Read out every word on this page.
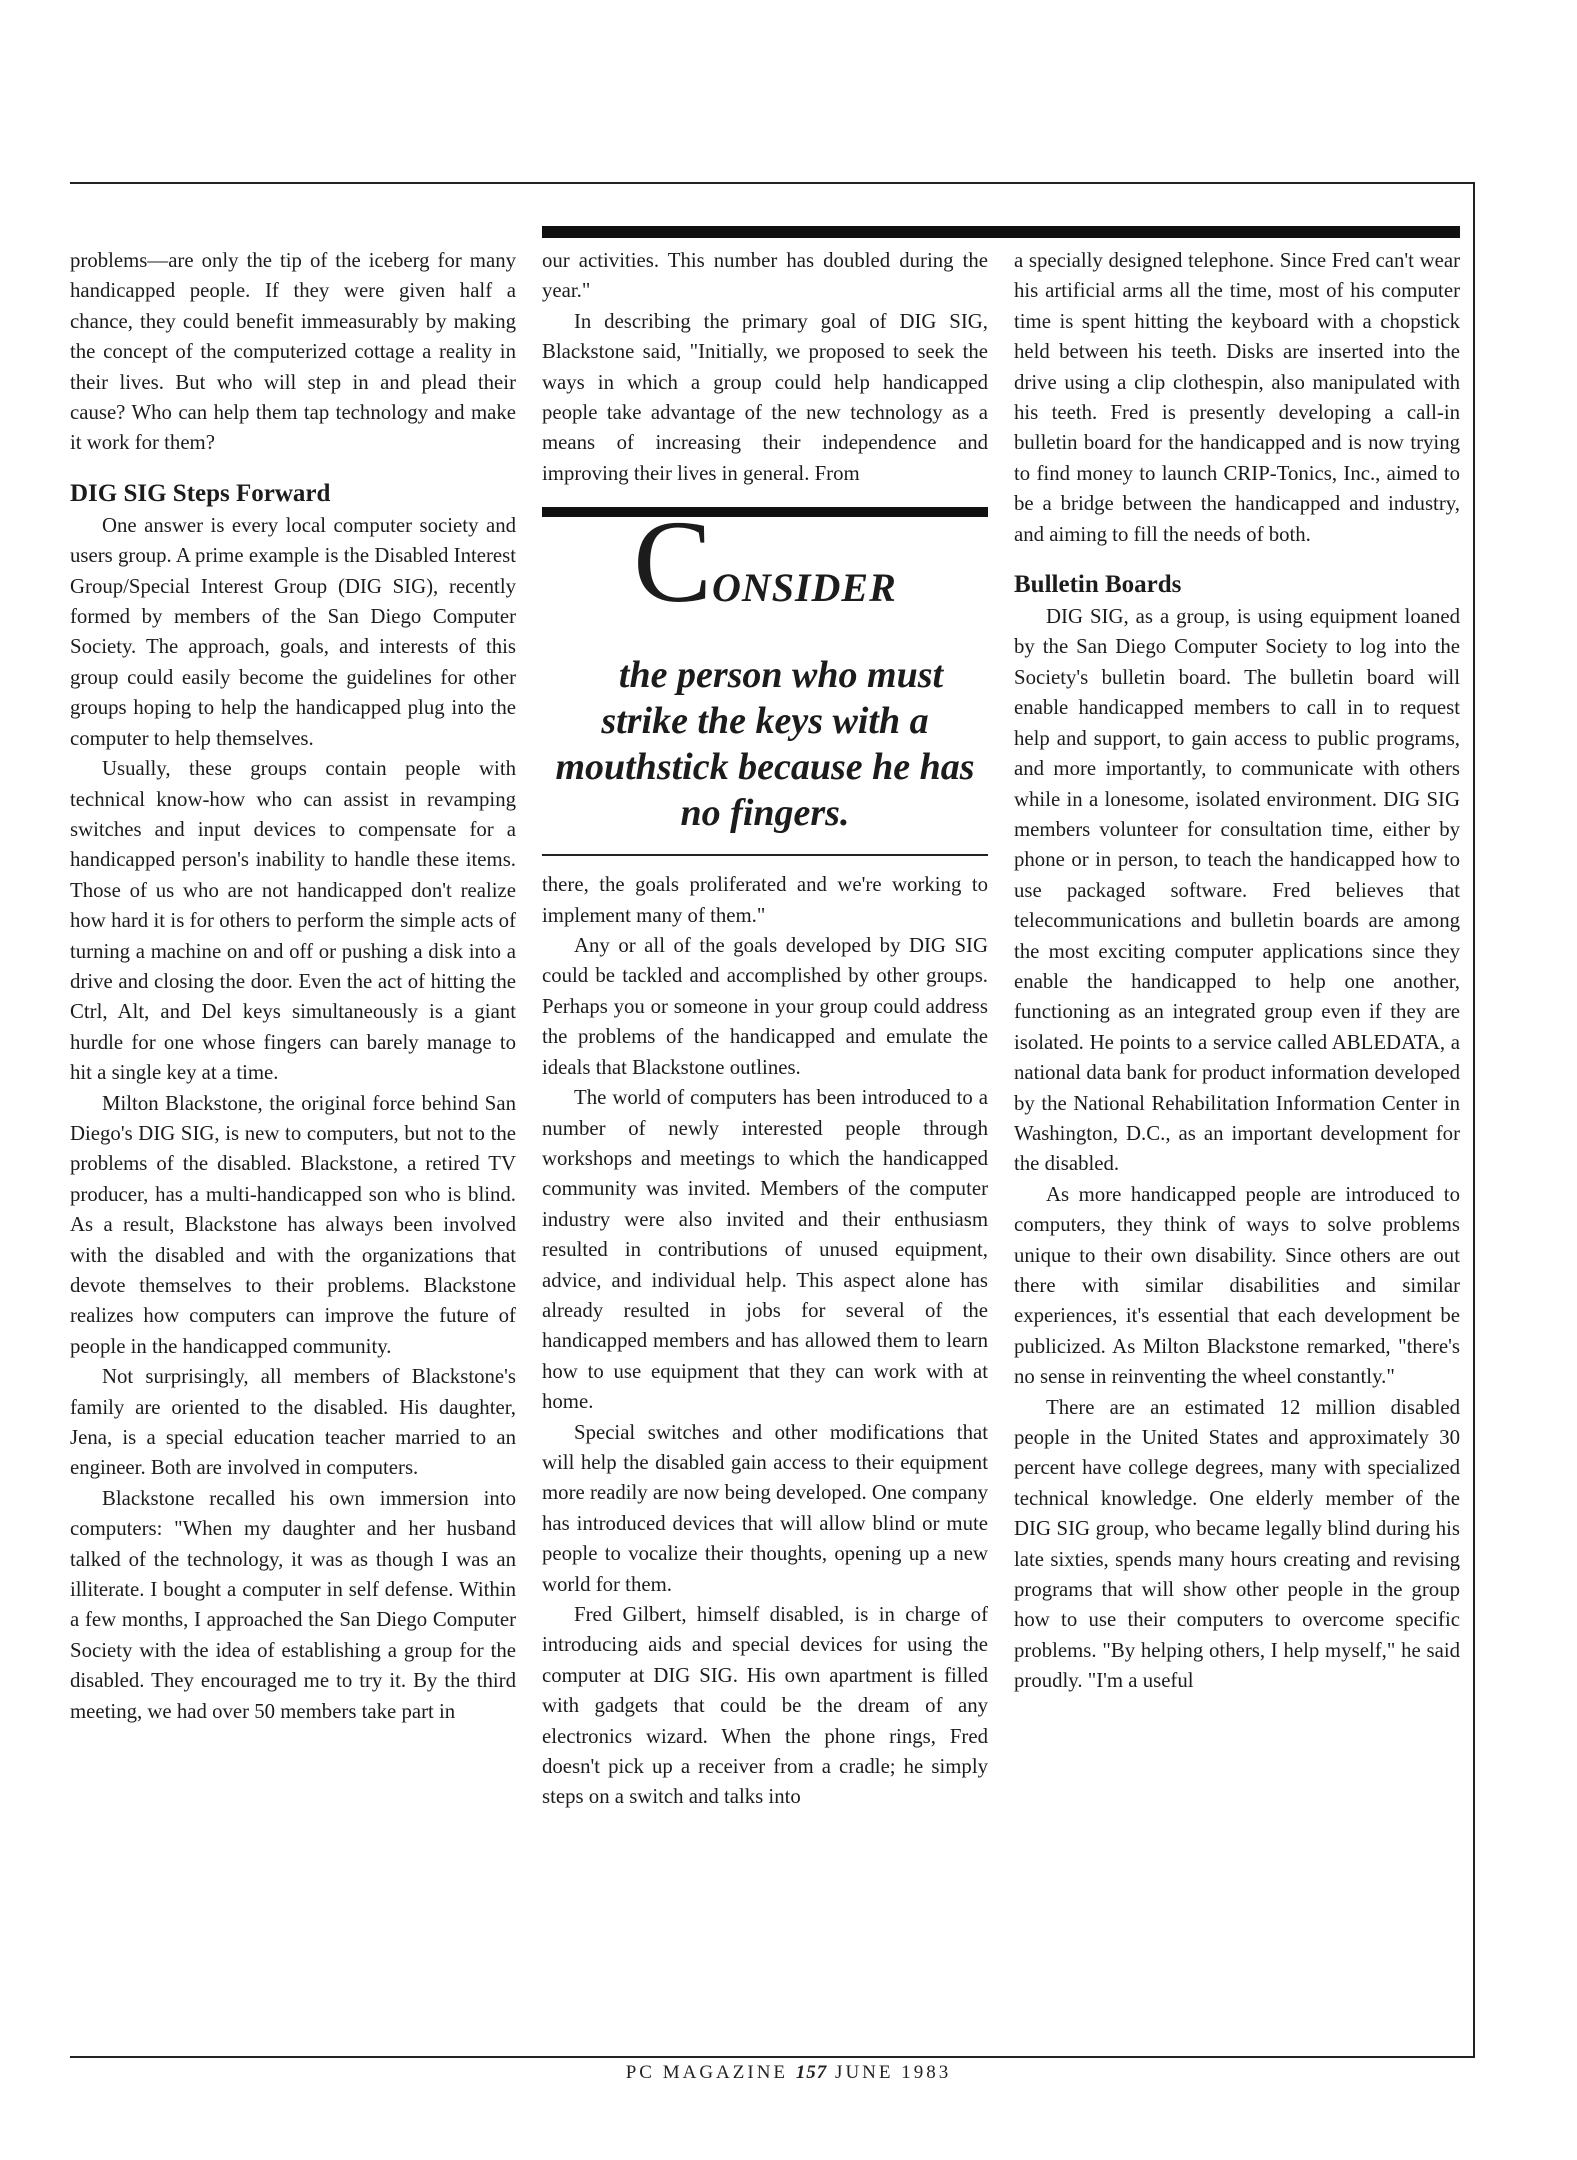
problems—are only the tip of the iceberg for many handicapped people. If they were given half a chance, they could benefit immeasurably by making the concept of the computerized cottage a reality in their lives. But who will step in and plead their cause? Who can help them tap technology and make it work for them?

DIG SIG Steps Forward

One answer is every local computer society and users group. A prime example is the Disabled Interest Group/Special Interest Group (DIG SIG), recently formed by members of the San Diego Computer Society. The approach, goals, and interests of this group could easily become the guidelines for other groups hoping to help the handicapped plug into the computer to help themselves.

Usually, these groups contain people with technical know-how who can assist in revamping switches and input devices to compensate for a handicapped person's inability to handle these items. Those of us who are not handicapped don't realize how hard it is for others to perform the simple acts of turning a machine on and off or pushing a disk into a drive and closing the door. Even the act of hitting the Ctrl, Alt, and Del keys simultaneously is a giant hurdle for one whose fingers can barely manage to hit a single key at a time.

Milton Blackstone, the original force behind San Diego's DIG SIG, is new to computers, but not to the problems of the disabled. Blackstone, a retired TV producer, has a multi-handicapped son who is blind. As a result, Blackstone has always been involved with the disabled and with the organizations that devote themselves to their problems. Blackstone realizes how computers can improve the future of people in the handicapped community.

Not surprisingly, all members of Blackstone's family are oriented to the disabled. His daughter, Jena, is a special education teacher married to an engineer. Both are involved in computers.

Blackstone recalled his own immersion into computers: "When my daughter and her husband talked of the technology, it was as though I was an illiterate. I bought a computer in self defense. Within a few months, I approached the San Diego Computer Society with the idea of establishing a group for the disabled. They encouraged me to try it. By the third meeting, we had over 50 members take part in

our activities. This number has doubled during the year."

In describing the primary goal of DIG SIG, Blackstone said, "Initially, we proposed to seek the ways in which a group could help handicapped people take advantage of the new technology as a means of increasing their independence and improving their lives in general. From

CONSIDER

the person who must strike the keys with a mouthstick because he has no fingers.

there, the goals proliferated and we're working to implement many of them."

Any or all of the goals developed by DIG SIG could be tackled and accomplished by other groups. Perhaps you or someone in your group could address the problems of the handicapped and emulate the ideals that Blackstone outlines.

The world of computers has been introduced to a number of newly interested people through workshops and meetings to which the handicapped community was invited. Members of the computer industry were also invited and their enthusiasm resulted in contributions of unused equipment, advice, and individual help. This aspect alone has already resulted in jobs for several of the handicapped members and has allowed them to learn how to use equipment that they can work with at home.

Special switches and other modifications that will help the disabled gain access to their equipment more readily are now being developed. One company has introduced devices that will allow blind or mute people to vocalize their thoughts, opening up a new world for them.

Fred Gilbert, himself disabled, is in charge of introducing aids and special devices for using the computer at DIG SIG. His own apartment is filled with gadgets that could be the dream of any electronics wizard. When the phone rings, Fred doesn't pick up a receiver from a cradle; he simply steps on a switch and talks into

a specially designed telephone. Since Fred can't wear his artificial arms all the time, most of his computer time is spent hitting the keyboard with a chopstick held between his teeth. Disks are inserted into the drive using a clip clothespin, also manipulated with his teeth. Fred is presently developing a call-in bulletin board for the handicapped and is now trying to find money to launch CRIP-Tonics, Inc., aimed to be a bridge between the handicapped and industry, and aiming to fill the needs of both.

Bulletin Boards

DIG SIG, as a group, is using equipment loaned by the San Diego Computer Society to log into the Society's bulletin board. The bulletin board will enable handicapped members to call in to request help and support, to gain access to public programs, and more importantly, to communicate with others while in a lonesome, isolated environment. DIG SIG members volunteer for consultation time, either by phone or in person, to teach the handicapped how to use packaged software. Fred believes that telecommunications and bulletin boards are among the most exciting computer applications since they enable the handicapped to help one another, functioning as an integrated group even if they are isolated. He points to a service called ABLEDATA, a national data bank for product information developed by the National Rehabilitation Information Center in Washington, D.C., as an important development for the disabled.

As more handicapped people are introduced to computers, they think of ways to solve problems unique to their own disability. Since others are out there with similar disabilities and similar experiences, it's essential that each development be publicized. As Milton Blackstone remarked, "there's no sense in reinventing the wheel constantly."

There are an estimated 12 million disabled people in the United States and approximately 30 percent have college degrees, many with specialized technical knowledge. One elderly member of the DIG SIG group, who became legally blind during his late sixties, spends many hours creating and revising programs that will show other people in the group how to use their computers to overcome specific problems. "By helping others, I help myself," he said proudly. "I'm a useful

PC MAGAZINE 157 JUNE 1983
